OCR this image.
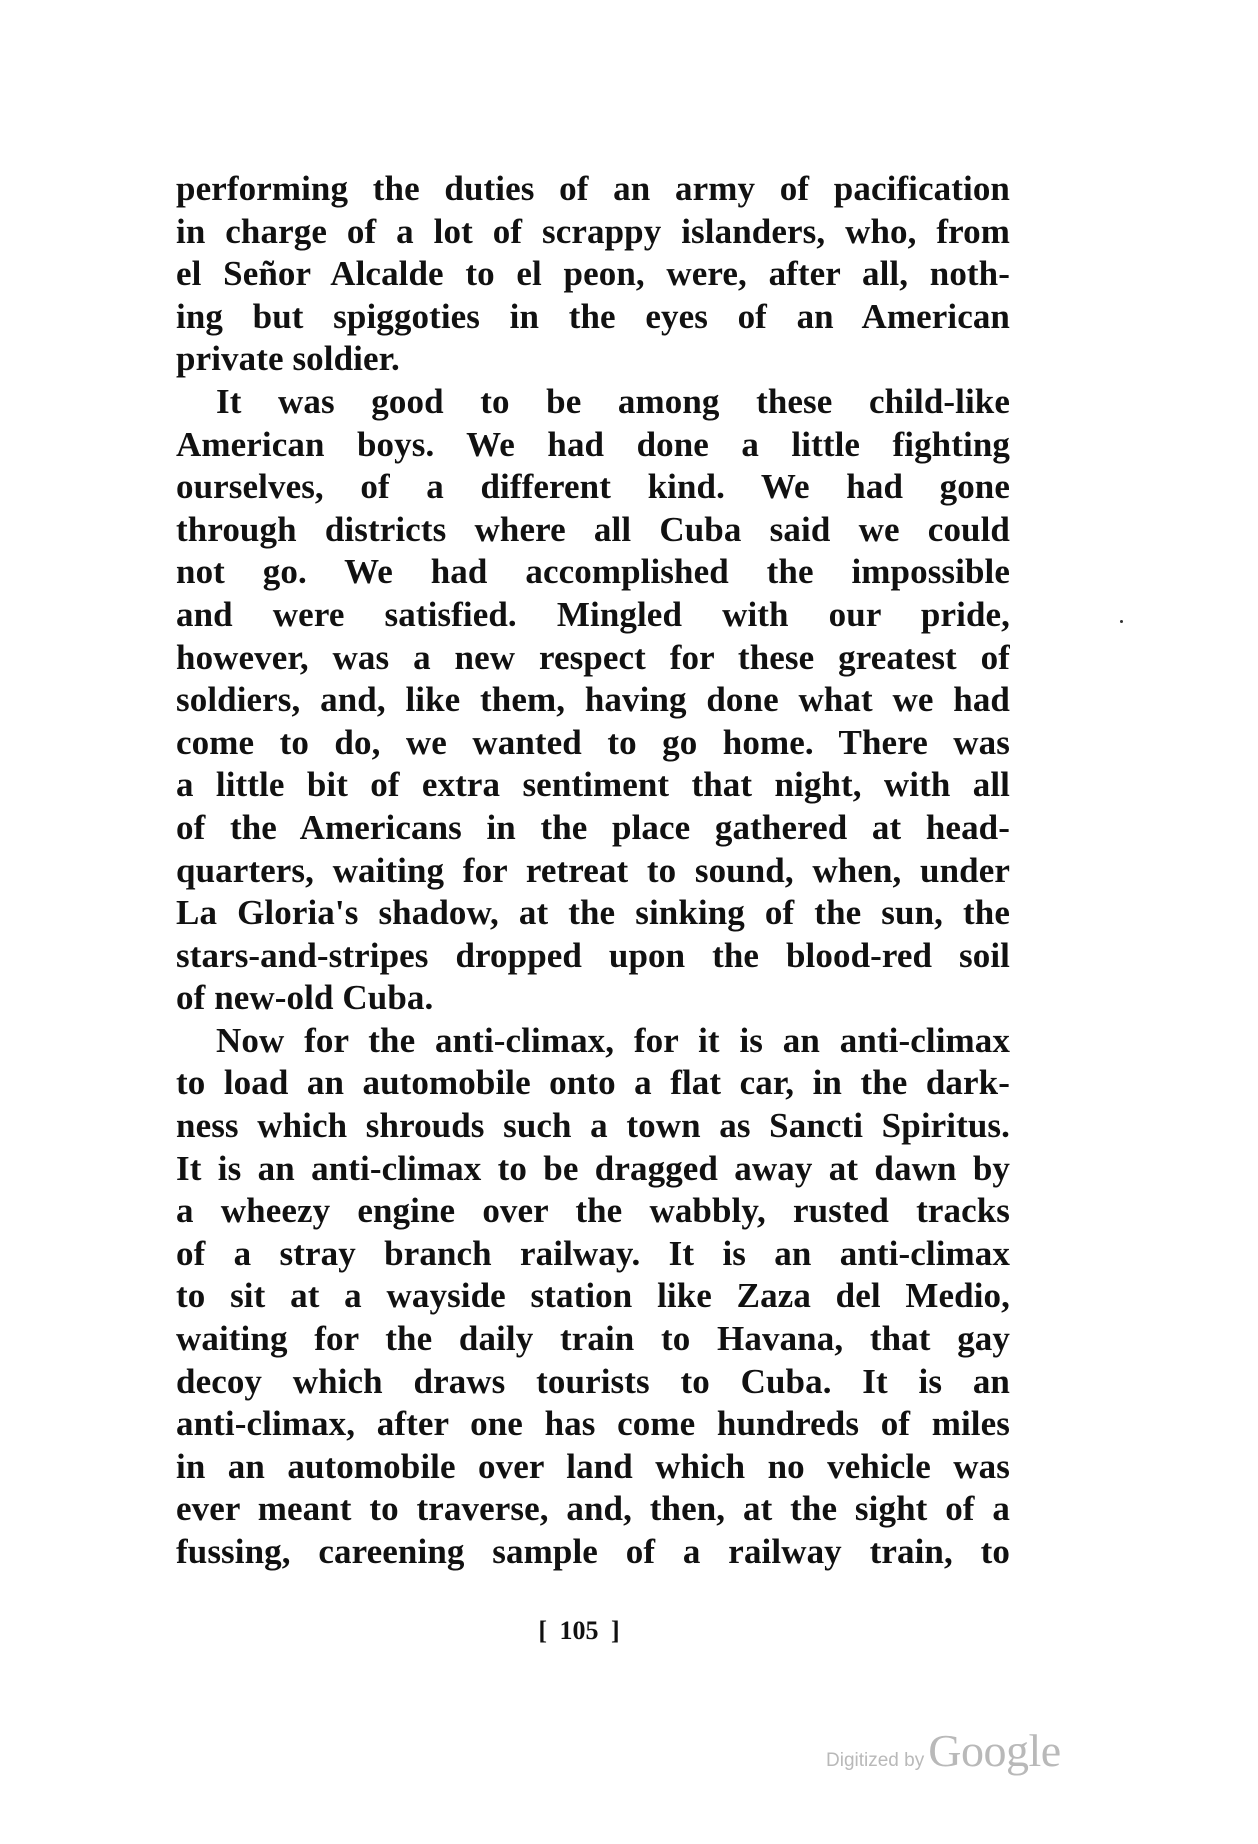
performing the duties of an army of pacification
in charge of a lot of scrappy islanders, who, from
el Señor Alcalde to el peon, were, after all, noth-
ing but spiggoties in the eyes of an American
private soldier.
It was good to be among these child-like
American boys. We had done a little fighting
ourselves, of a different kind. We had gone
through districts where all Cuba said we could
not go. We had accomplished the impossible
and were satisfied. Mingled with our pride,
however, was a new respect for these greatest of
soldiers, and, like them, having done what we had
come to do, we wanted to go home. There was
a little bit of extra sentiment that night, with all
of the Americans in the place gathered at head-
quarters, waiting for retreat to sound, when, under
La Gloria's shadow, at the sinking of the sun, the
stars-and-stripes dropped upon the blood-red soil
of new-old Cuba.
Now for the anti-climax, for it is an anti-climax
to load an automobile onto a flat car, in the dark-
ness which shrouds such a town as Sancti Spiritus.
It is an anti-climax to be dragged away at dawn by
a wheezy engine over the wabbly, rusted tracks
of a stray branch railway. It is an anti-climax
to sit at a wayside station like Zaza del Medio,
waiting for the daily train to Havana, that gay
decoy which draws tourists to Cuba. It is an
anti-climax, after one has come hundreds of miles
in an automobile over land which no vehicle was
ever meant to traverse, and, then, at the sight of a
fussing, careening sample of a railway train, to
[ 105 ]
Digitized by Google
